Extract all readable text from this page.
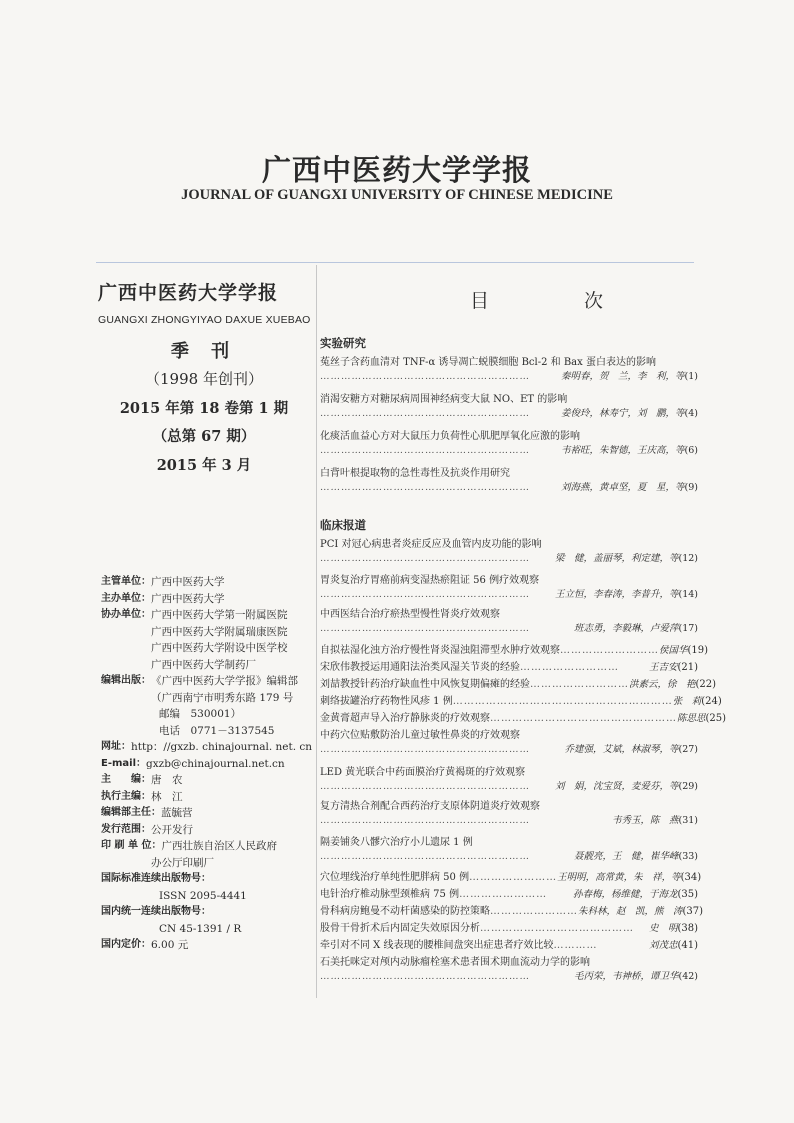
广西中医药大学学报
JOURNAL OF GUANGXI UNIVERSITY OF CHINESE MEDICINE
广西中医药大学学报
GUANGXI ZHONGYIYAO DAXUE XUEBAO
季 刊
（1998 年创刊）
2015 年第 18 卷第 1 期
（总第 67 期）
2015 年 3 月
主管单位： 广西中医药大学
主办单位： 广西中医药大学
协办单位： 广西中医药大学第一附属医院
广西中医药大学附属瑞康医院
广西中医药大学附设中医学校
广西中医药大学制药厂
编辑出版： 《广西中医药大学学报》编辑部
（广西南宁市明秀东路 179 号
邮编　530001）
电话　0771－3137545
网址： http：//gxzb. chinajournal. net. cn
E-mail： gxzb@chinajournal.net.cn
主　　编： 唐　农
执行主编： 林　江
编辑部主任： 蓝毓营
发行范围： 公开发行
印 刷 单 位： 广西壮族自治区人民政府
办公厅印刷厂
国际标准连续出版物号：
ISSN 2095-4441
国内统一连续出版物号：
CN 45-1391 / R
国内定价： 6.00 元
目　次
实验研究
临床报道
菟丝子含药血清对 TNF-α 诱导凋亡蜕膜细胞 Bcl-2 和 Bax 蛋白表达的影响
……………………………………………………	秦明春，贺　兰，李　利，等 (1)
消渴安糖方对糖尿病周围神经病变大鼠 NO、ET 的影响
……………………………………………………	姜俊玲，林寿宁，刘　鹏，等 (4)
化痰活血益心方对大鼠压力负荷性心肌肥厚氧化应激的影响
……………………………………………………	韦裕旺，朱智德，王庆高，等 (6)
白背叶根提取物的急性毒性及抗炎作用研究
……………………………………………………	刘海燕，黄卓坚，夏　星，等 (9)
PCI 对冠心病患者炎症反应及血管内皮功能的影响
……………………………………………………	梁　健，盖丽琴，利定建，等 (12)
胃炎复治疗胃癌前病变湿热瘀阻证 56 例疗效观察
……………………………………………………	王立恒，李春涛，李普升，等 (14)
中西医结合治疗瘀热型慢性肾炎疗效观察
……………………………………………………	班志勇，李毅琳，卢爱萍 (17)
自拟祛湿化浊方治疗慢性肾炎湿浊阻滞型水肿疗效观察 ……………………… 侯国华 (19)
宋欣伟教授运用通阳法治类风湿关节炎的经验 ………………………	王吉安 (21)
刘喆教授针药治疗缺血性中风恢复期偏瘫的经验 ……………………… 洪素云，徐　艳 (22)
刺络拔罐治疗药物性风疹 1 例 …………………………………………………… 张　莉 (24)
金黄膏超声导入治疗静脉炎的疗效观察 …………………………………………… 陈思思 (25)
中药穴位贴敷防治儿童过敏性鼻炎的疗效观察
……………………………………………………	乔建强，艾斌，林淑琴，等 (27)
LED 黄光联合中药面膜治疗黄褐斑的疗效观察
……………………………………………………	刘　娟，沈宝贤，麦爱芬，等 (29)
复方清热合剂配合西药治疗支原体阴道炎疗效观察
……………………………………………………	韦秀玉，陈　燕 (31)
隔姜铺灸八髎穴治疗小儿遗尿 1 例
……………………………………………………	聂靓亮，王　健，崔华峰 (33)
穴位埋线治疗单纯性肥胖病 50 例 …………………… 王明明，高常黄，朱　祥，等 (34)
电针治疗椎动脉型颈椎病 75 例 ……………………	孙春梅，杨维健，于海龙 (35)
骨科病房鲍曼不动杆菌感染的防控策略 …………………… 朱科林，赵　凯，熊　涛 (37)
股骨干骨折术后内固定失效原因分析 ……………………………………	史　明 (38)
牵引对不同 X 线表现的腰椎间盘突出症患者疗效比较 …………	刘茂忠 (41)
石美托咪定对颅内动脉瘤栓塞术患者围术期血流动力学的影响
……………………………………………………	毛丙荣，韦神桥，谭卫华 (42)
